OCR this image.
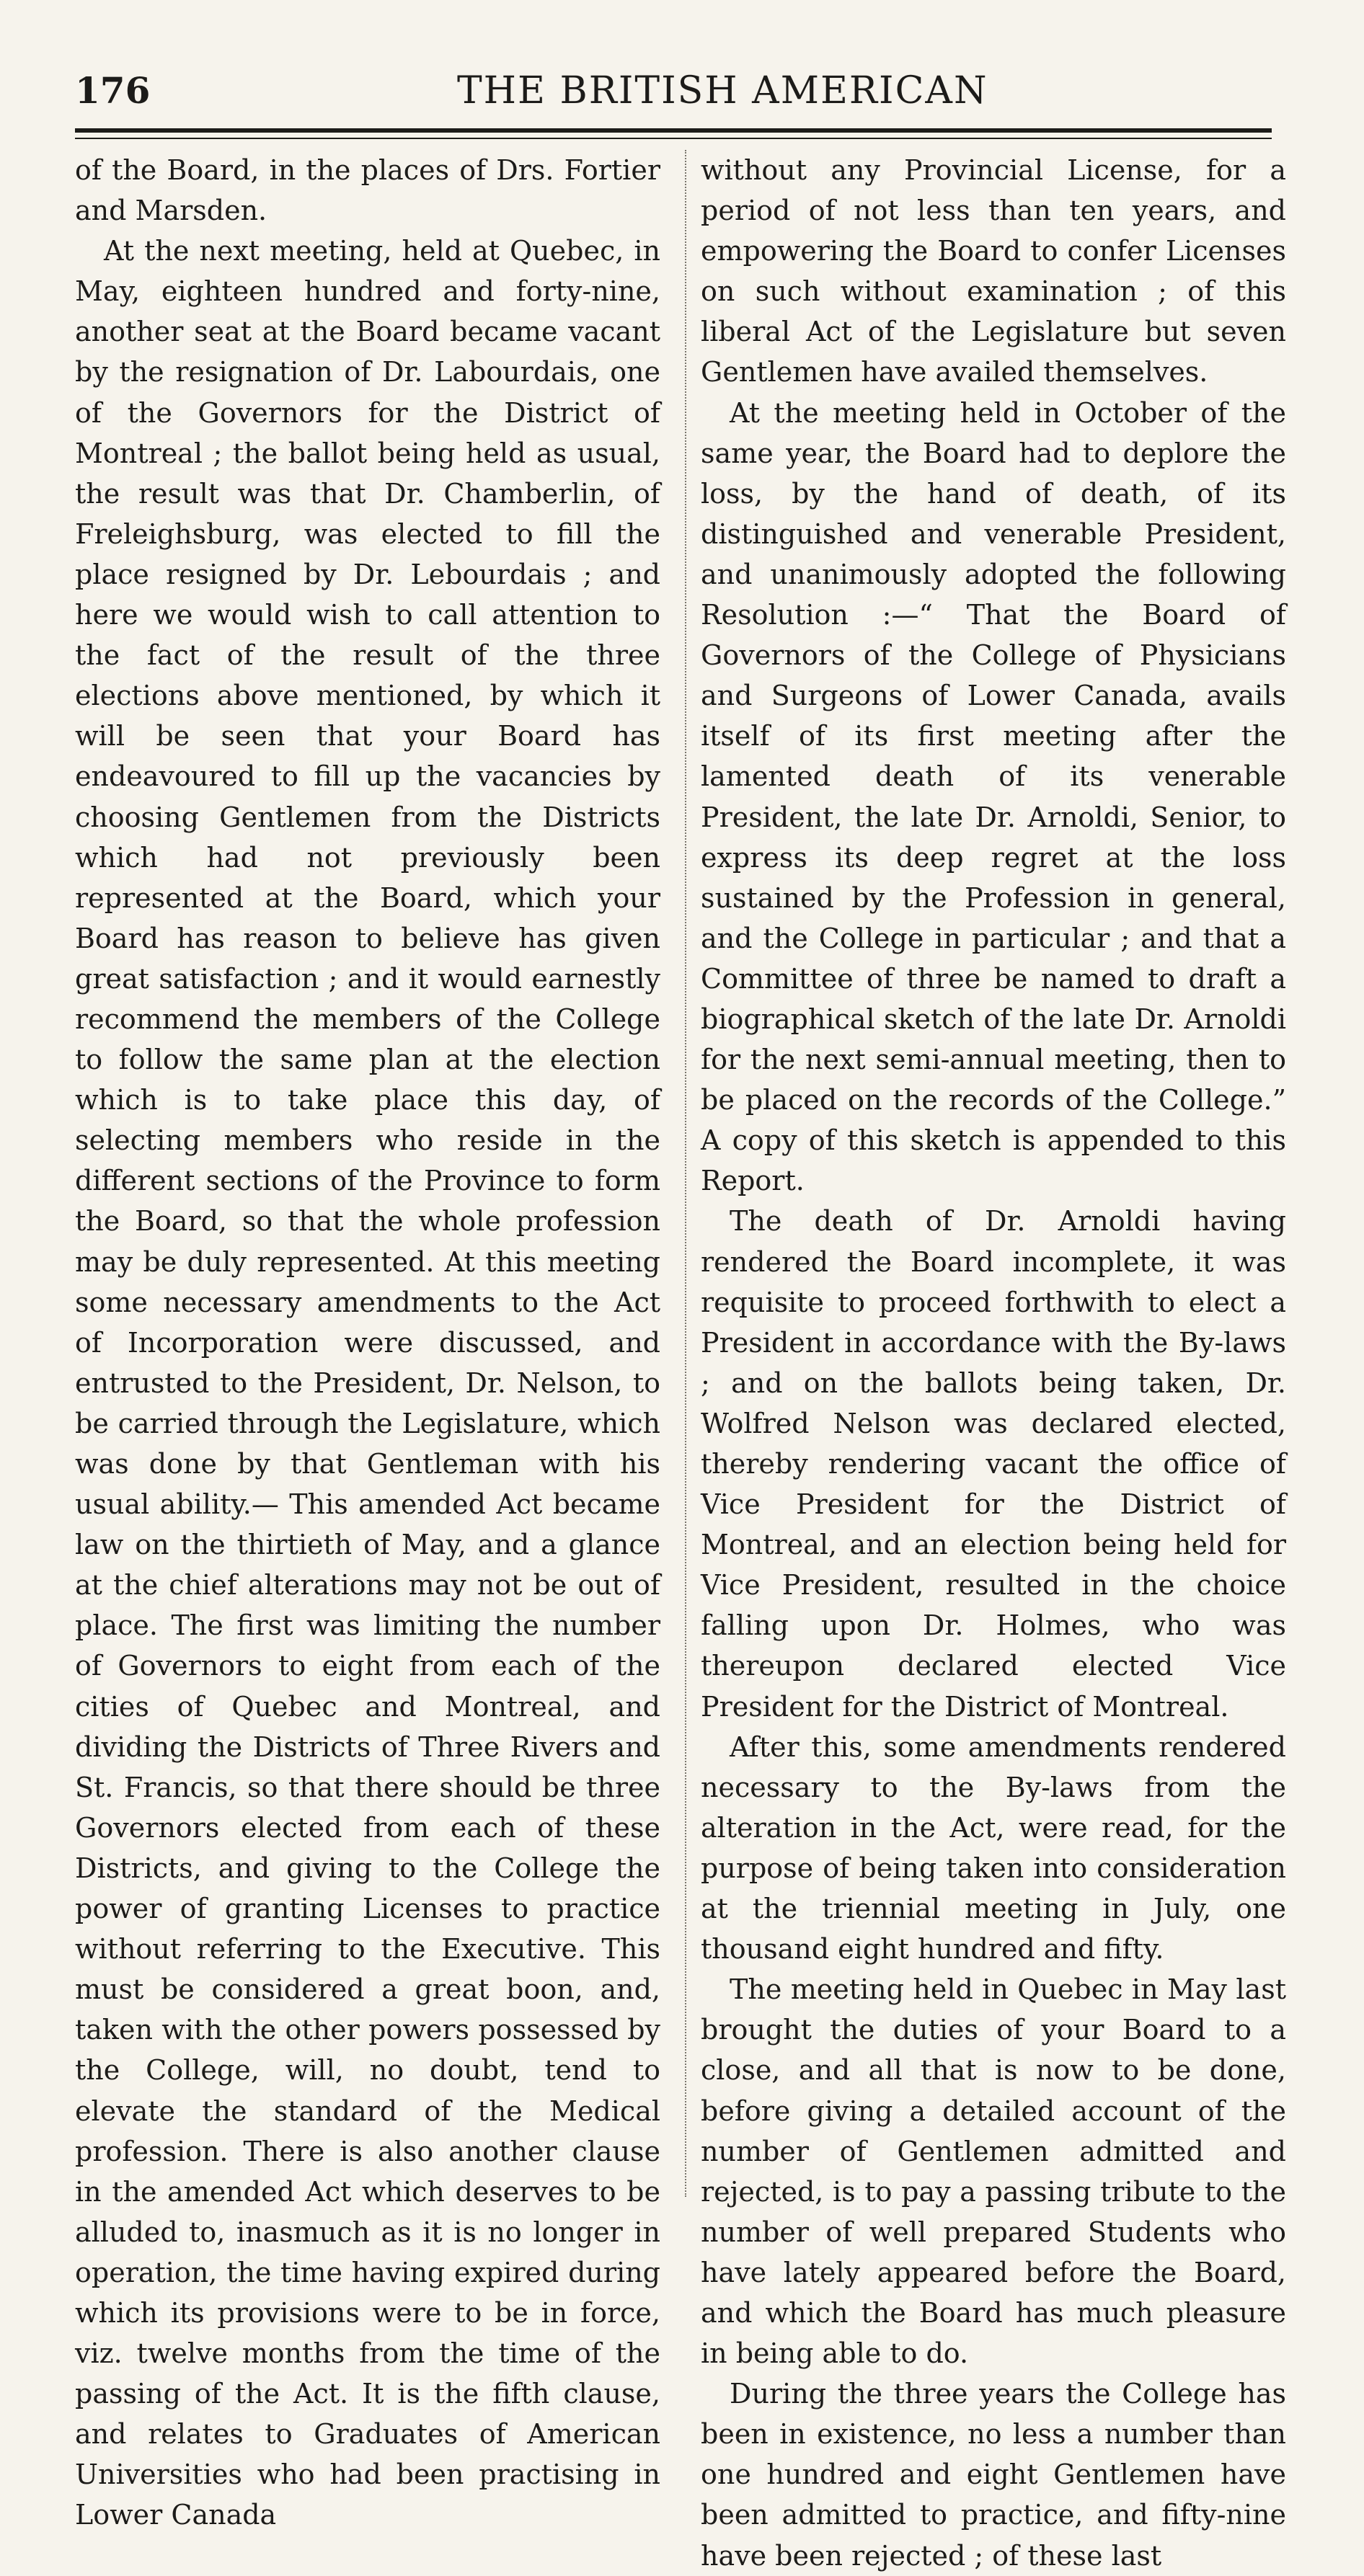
176	THE BRITISH AMERICAN

of the Board, in the places of Drs. Fortier and Marsden.

At the next meeting, held at Quebec, in May, eighteen hundred and forty-nine, another seat at the Board became vacant by the resignation of Dr. Labourdais, one of the Governors for the District of Montreal ; the ballot being held as usual, the result was that Dr. Chamberlin, of Freleighsburg, was elected to fill the place resigned by Dr. Lebourdais ; and here we would wish to call attention to the fact of the result of the three elections above mentioned, by which it will be seen that your Board has endeavoured to fill up the vacancies by choosing Gentlemen from the Districts which had not previously been represented at the Board, which your Board has reason to believe has given great satisfaction ; and it would earnestly recommend the members of the College to follow the same plan at the election which is to take place this day, of selecting members who reside in the different sections of the Province to form the Board, so that the whole profession may be duly represented. At this meeting some necessary amendments to the Act of Incorporation were discussed, and entrusted to the President, Dr. Nelson, to be carried through the Legislature, which was done by that Gentleman with his usual ability.— This amended Act became law on the thirtieth of May, and a glance at the chief alterations may not be out of place. The first was limiting the number of Governors to eight from each of the cities of Quebec and Montreal, and dividing the Districts of Three Rivers and St. Francis, so that there should be three Governors elected from each of these Districts, and giving to the College the power of granting Licenses to practice without referring to the Executive. This must be considered a great boon, and, taken with the other powers possessed by the College, will, no doubt, tend to elevate the standard of the Medical profession. There is also another clause in the amended Act which deserves to be alluded to, inasmuch as it is no longer in operation, the time having expired during which its provisions were to be in force, viz. twelve months from the time of the passing of the Act. It is the fifth clause, and relates to Graduates of American Universities who had been practising in Lower Canada

without any Provincial License, for a period of not less than ten years, and empowering the Board to confer Licenses on such without examination ; of this liberal Act of the Legislature but seven Gentlemen have availed themselves.

At the meeting held in October of the same year, the Board had to deplore the loss, by the hand of death, of its distinguished and venerable President, and unanimously adopted the following Resolution :—“ That the Board of Governors of the College of Physicians and Surgeons of Lower Canada, avails itself of its first meeting after the lamented death of its venerable President, the late Dr. Arnoldi, Senior, to express its deep regret at the loss sustained by the Profession in general, and the College in particular ; and that a Committee of three be named to draft a biographical sketch of the late Dr. Arnoldi for the next semi-annual meeting, then to be placed on the records of the College.” A copy of this sketch is appended to this Report.

The death of Dr. Arnoldi having rendered the Board incomplete, it was requisite to proceed forthwith to elect a President in accordance with the By-laws ; and on the ballots being taken, Dr. Wolfred Nelson was declared elected, thereby rendering vacant the office of Vice President for the District of Montreal, and an election being held for Vice President, resulted in the choice falling upon Dr. Holmes, who was thereupon declared elected Vice President for the District of Montreal.

After this, some amendments rendered necessary to the By-laws from the alteration in the Act, were read, for the purpose of being taken into consideration at the triennial meeting in July, one thousand eight hundred and fifty.

The meeting held in Quebec in May last brought the duties of your Board to a close, and all that is now to be done, before giving a detailed account of the number of Gentlemen admitted and rejected, is to pay a passing tribute to the number of well prepared Students who have lately appeared before the Board, and which the Board has much pleasure in being able to do.

During the three years the College has been in existence, no less a number than one hundred and eight Gentlemen have been admitted to practice, and fifty-nine have been rejected ; of these last
